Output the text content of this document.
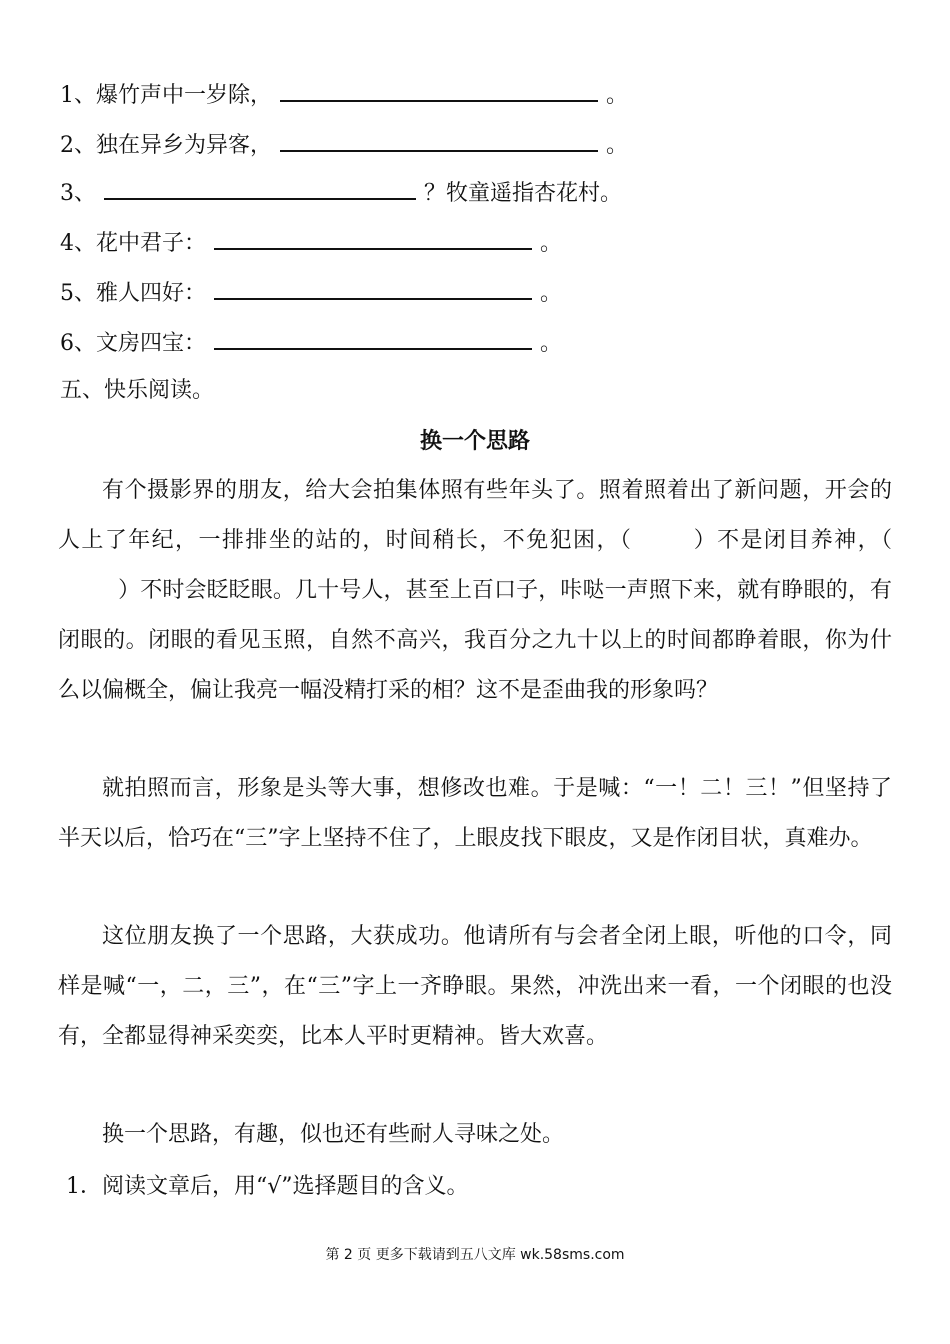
1、爆竹声中一岁除，	。
2、独在异乡为异客，	。
3、	？牧童遥指杏花村。
4、花中君子：	。
5、雅人四好：	。
6、文房四宝：	。
五、快乐阅读。
换一个思路
有个摄影界的朋友，给大会拍集体照有些年头了。照着照着出了新问题，开会的人上了年纪，一排排坐的站的，时间稍长，不免犯困，（	）不是闭目养神，（）不时会眨眨眼。几十号人，甚至上百口子，咔哒一声照下来，就有睁眼的，有闭眼的。闭眼的看见玉照，自然不高兴，我百分之九十以上的时间都睁着眼，你为什么以偏概全，偏让我亮一幅没精打采的相？这不是歪曲我的形象吗？
就拍照而言，形象是头等大事，想修改也难。于是喊：“一！二！三！”但坚持了半天以后，恰巧在“三”字上坚持不住了，上眼皮找下眼皮，又是作闭目状，真难办。
这位朋友换了一个思路，大获成功。他请所有与会者全闭上眼，听他的口令，同样是喊“一，二，三”，在“三”字上一齐睁眼。果然，冲洗出来一看，一个闭眼的也没有，全都显得神采奕奕，比本人平时更精神。皆大欢喜。
换一个思路，有趣，似也还有些耐人寻味之处。
1．阅读文章后，用“√”选择题目的含义。
第 2 页 更多下载请到五八文库 wk.58sms.com
